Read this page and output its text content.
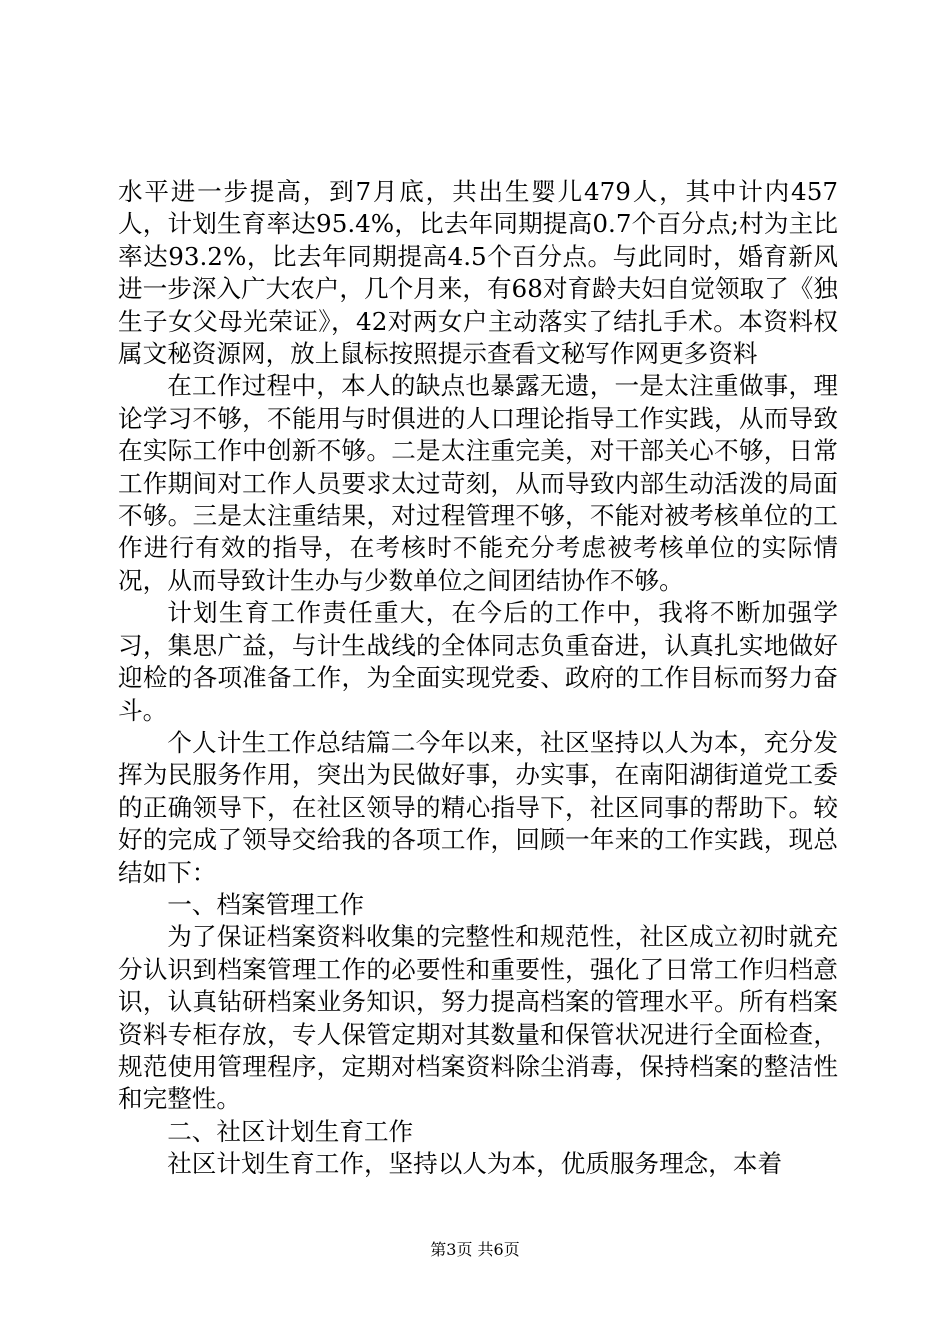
水平进一步提高，到7月底，共出生婴儿479人，其中计内457人，计划生育率达95.4%，比去年同期提高0.7个百分点;村为主比率达93.2%，比去年同期提高4.5个百分点。与此同时，婚育新风进一步深入广大农户，几个月来，有68对育龄夫妇自觉领取了《独生子女父母光荣证》，42对两女户主动落实了结扎手术。本资料权属文秘资源网，放上鼠标按照提示查看文秘写作网更多资料

在工作过程中，本人的缺点也暴露无遗，一是太注重做事，理论学习不够，不能用与时俱进的人口理论指导工作实践，从而导致在实际工作中创新不够。二是太注重完美，对干部关心不够，日常工作期间对工作人员要求太过苛刻，从而导致内部生动活泼的局面不够。三是太注重结果，对过程管理不够，不能对被考核单位的工作进行有效的指导，在考核时不能充分考虑被考核单位的实际情况，从而导致计生办与少数单位之间团结协作不够。

计划生育工作责任重大，在今后的工作中，我将不断加强学习，集思广益，与计生战线的全体同志负重奋进，认真扎实地做好迎检的各项准备工作，为全面实现党委、政府的工作目标而努力奋斗。

个人计生工作总结篇二今年以来，社区坚持以人为本，充分发挥为民服务作用，突出为民做好事，办实事，在南阳湖街道党工委的正确领导下，在社区领导的精心指导下，社区同事的帮助下。较好的完成了领导交给我的各项工作，回顾一年来的工作实践，现总结如下：

一、档案管理工作

为了保证档案资料收集的完整性和规范性，社区成立初时就充分认识到档案管理工作的必要性和重要性，强化了日常工作归档意识，认真钻研档案业务知识，努力提高档案的管理水平。所有档案资料专柜存放，专人保管定期对其数量和保管状况进行全面检查，规范使用管理程序，定期对档案资料除尘消毒，保持档案的整洁性和完整性。

二、社区计划生育工作

社区计划生育工作，坚持以人为本，优质服务理念，本着

第3页 共6页
